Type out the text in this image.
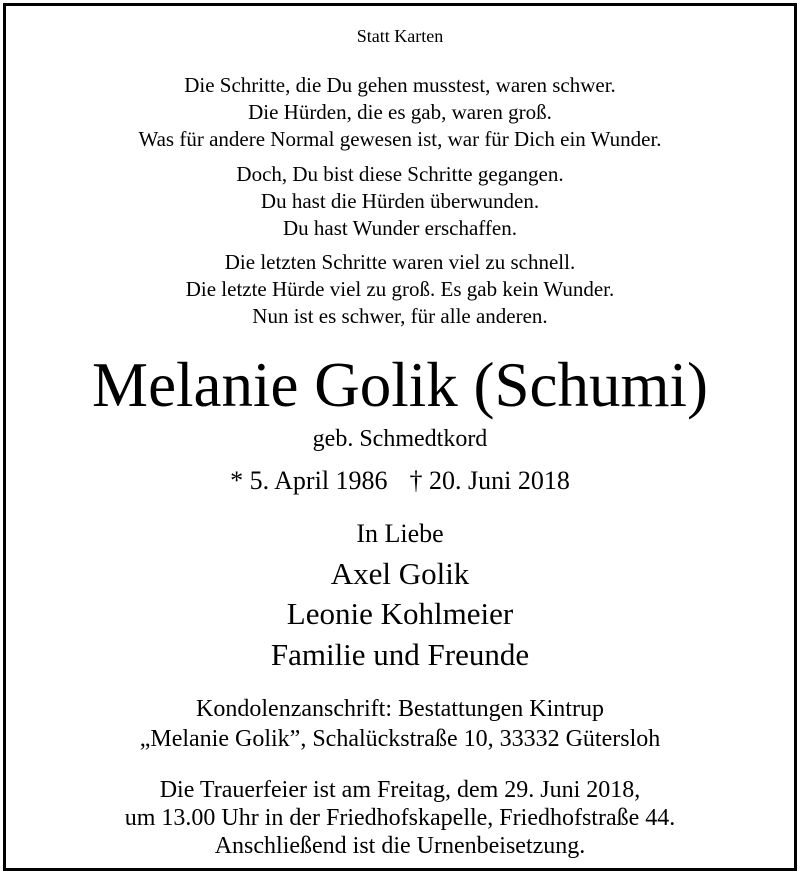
Statt Karten

Die Schritte, die Du gehen musstest, waren schwer.
Die Hürden, die es gab, waren groß.
Was für andere Normal gewesen ist, war für Dich ein Wunder.
Doch, Du bist diese Schritte gegangen.
Du hast die Hürden überwunden.
Du hast Wunder erschaffen.
Die letzten Schritte waren viel zu schnell.
Die letzte Hürde viel zu groß. Es gab kein Wunder.
Nun ist es schwer, für alle anderen.
Melanie Golik (Schumi)

geb. Schmedtkord

* 5. April 1986 † 20. Juni 2018

In Liebe

Axel Golik

Leonie Kohlmeier

Familie und Freunde

Kondolenzanschrift: Bestattungen Kintrup

„Melanie Golik”, Schalückstraße 10, 33332 Gütersloh

Die Trauerfeier ist am Freitag, dem 29. Juni 2018,

um 13.00 Uhr in der Friedhofskapelle, Friedhofstraße 44.

Anschließend ist die Urnenbeisetzung.
